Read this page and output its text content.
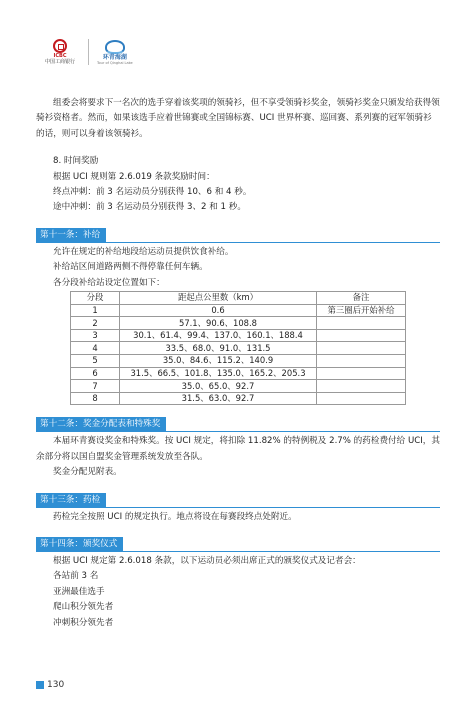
ICBC
中国工商银行
环青海湖
Tour of Qinghai Lake

组委会将要求下一名次的选手穿着该奖项的领骑衫，但不享受领骑衫奖金，领骑衫奖金只颁发给获得领骑衫资格者。然而，如果该选手应着世锦赛或全国锦标赛、UCI 世界杯赛、巡回赛、系列赛的冠军领骑衫的话，则可以身着该领骑衫。

8. 时间奖励

根据 UCI 规则第 2.6.019 条款奖励时间：

终点冲刺：前 3 名运动员分别获得 10、6 和 4 秒。

途中冲刺：前 3 名运动员分别获得 3、2 和 1 秒。

第十一条：补给

允许在规定的补给地段给运动员提供饮食补给。

补给站区间道路两侧不得停靠任何车辆。

各分段补给站设定位置如下：

分段	距起点公里数（km）	备注
1	0.6	第三圈后开始补给
2	57.1、90.6、108.8	
3	30.1、61.4、99.4、137.0、160.1、188.4	
4	33.5、68.0、91.0、131.5	
5	35.0、84.6、115.2、140.9	
6	31.5、66.5、101.8、135.0、165.2、205.3	
7	35.0、65.0、92.7	
8	31.5、63.0、92.7	
第十二条：奖金分配表和特殊奖

本届环青赛设奖金和特殊奖。按 UCI 规定，将扣除 11.82% 的特例税及 2.7% 的药检费付给 UCI，其余部分将以国自盟奖金管理系统发放至各队。

奖金分配见附表。

第十三条：药检

药检完全按照 UCI 的规定执行。地点将设在每赛段终点处附近。

第十四条：颁奖仪式

根据 UCI 规定第 2.6.018 条款，以下运动员必须出席正式的颁奖仪式及记者会：

各站前 3 名

亚洲最佳选手

爬山积分领先者

冲刺积分领先者

130
